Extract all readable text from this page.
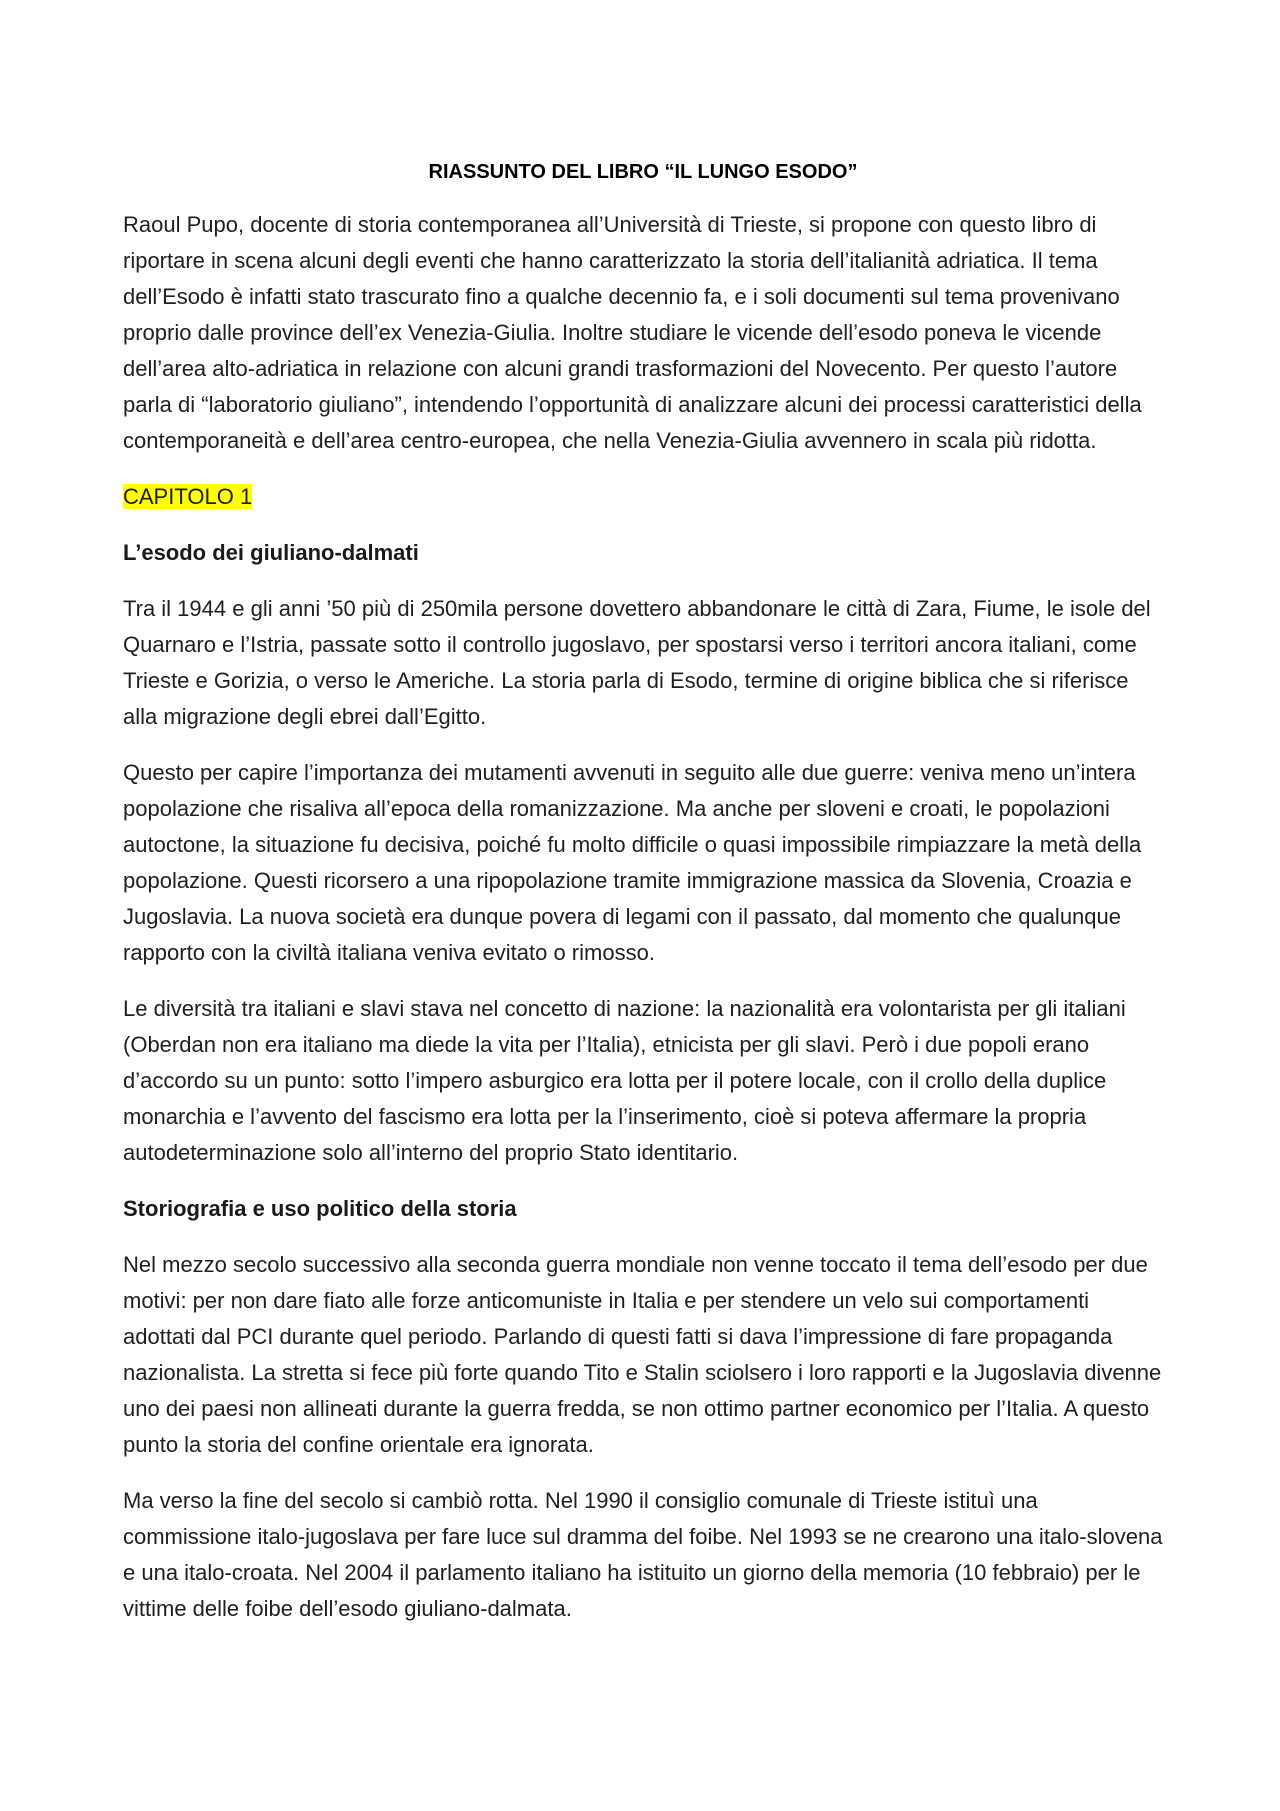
RIASSUNTO DEL LIBRO “IL LUNGO ESODO”

Raoul Pupo, docente di storia contemporanea all’Università di Trieste, si propone con questo libro di riportare in scena alcuni degli eventi che hanno caratterizzato la storia dell’italianità adriatica. Il tema dell’Esodo è infatti stato trascurato fino a qualche decennio fa, e i soli documenti sul tema provenivano proprio dalle province dell’ex Venezia-Giulia. Inoltre studiare le vicende dell’esodo poneva le vicende dell’area alto-adriatica in relazione con alcuni grandi trasformazioni del Novecento. Per questo l’autore parla di “laboratorio giuliano”, intendendo l’opportunità di analizzare alcuni dei processi caratteristici della contemporaneità e dell’area centro-europea, che nella Venezia-Giulia avvennero in scala più ridotta.

CAPITOLO 1

L’esodo dei giuliano-dalmati

Tra il 1944 e gli anni ’50 più di 250mila persone dovettero abbandonare le città di Zara, Fiume, le isole del Quarnaro e l’Istria, passate sotto il controllo jugoslavo, per spostarsi verso i territori ancora italiani, come Trieste e Gorizia, o verso le Americhe. La storia parla di Esodo, termine di origine biblica che si riferisce alla migrazione degli ebrei dall’Egitto.

Questo per capire l’importanza dei mutamenti avvenuti in seguito alle due guerre: veniva meno un’intera popolazione che risaliva all’epoca della romanizzazione. Ma anche per sloveni e croati, le popolazioni autoctone, la situazione fu decisiva, poiché fu molto difficile o quasi impossibile rimpiazzare la metà della popolazione. Questi ricorsero a una ripopolazione tramite immigrazione massica da Slovenia, Croazia e Jugoslavia. La nuova società era dunque povera di legami con il passato, dal momento che qualunque rapporto con la civiltà italiana veniva evitato o rimosso.

Le diversità tra italiani e slavi stava nel concetto di nazione: la nazionalità era volontarista per gli italiani (Oberdan non era italiano ma diede la vita per l’Italia), etnicista per gli slavi. Però i due popoli erano d’accordo su un punto: sotto l’impero asburgico era lotta per il potere locale, con il crollo della duplice monarchia e l’avvento del fascismo era lotta per la l’inserimento, cioè si poteva affermare la propria autodeterminazione solo all’interno del proprio Stato identitario.

Storiografia e uso politico della storia

Nel mezzo secolo successivo alla seconda guerra mondiale non venne toccato il tema dell’esodo per due motivi: per non dare fiato alle forze anticomuniste in Italia e per stendere un velo sui comportamenti adottati dal PCI durante quel periodo. Parlando di questi fatti si dava l’impressione di fare propaganda nazionalista. La stretta si fece più forte quando Tito e Stalin sciolsero i loro rapporti e la Jugoslavia divenne uno dei paesi non allineati durante la guerra fredda, se non ottimo partner economico per l’Italia. A questo punto la storia del confine orientale era ignorata.

Ma verso la fine del secolo si cambiò rotta. Nel 1990 il consiglio comunale di Trieste istituì una commissione italo-jugoslava per fare luce sul dramma del foibe. Nel 1993 se ne crearono una italo-slovena e una italo-croata. Nel 2004 il parlamento italiano ha istituito un giorno della memoria (10 febbraio) per le vittime delle foibe dell’esodo giuliano-dalmata.
